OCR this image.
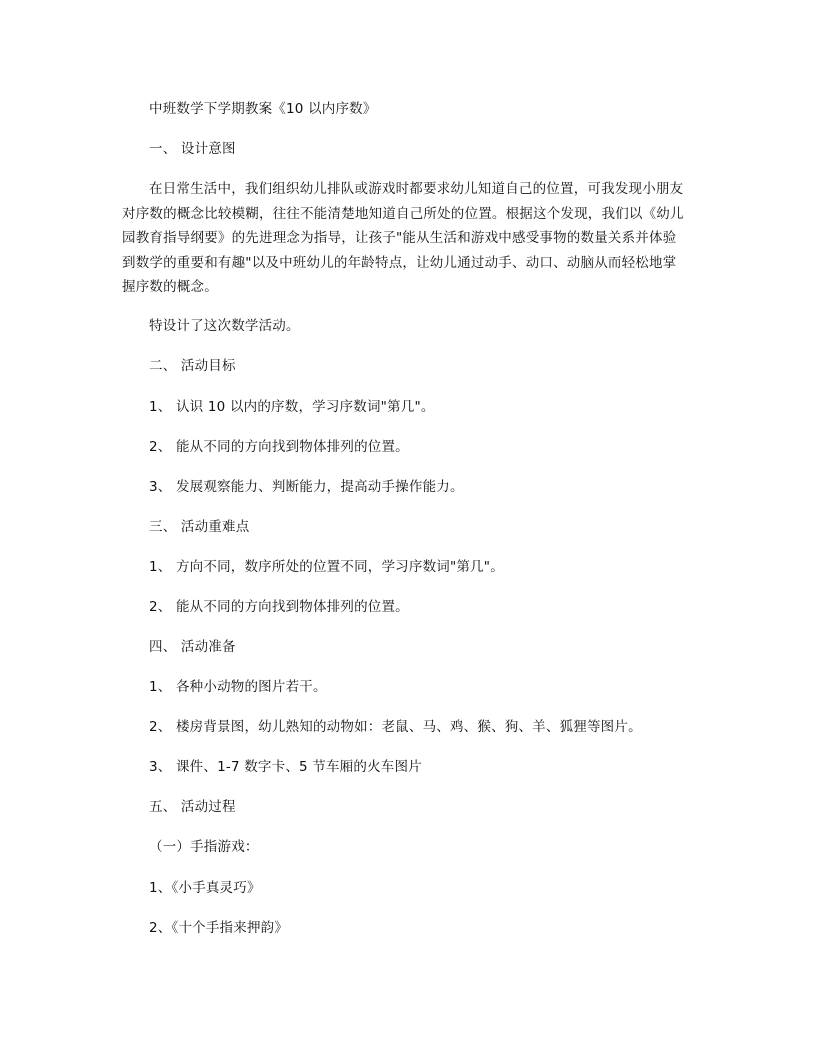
中班数学下学期教案《10 以内序数》
一、 设计意图
在日常生活中，我们组织幼儿排队或游戏时都要求幼儿知道自己的位置，可我发现小朋友
对序数的概念比较模糊，往往不能清楚地知道自己所处的位置。根据这个发现，我们以《幼儿
园教育指导纲要》的先进理念为指导，让孩子"能从生活和游戏中感受事物的数量关系并体验
到数学的重要和有趣"以及中班幼儿的年龄特点，让幼儿通过动手、动口、动脑从而轻松地掌
握序数的概念。
特设计了这次数学活动。
二、 活动目标
1、 认识 10 以内的序数，学习序数词"第几"。
2、 能从不同的方向找到物体排列的位置。
3、 发展观察能力、判断能力，提高动手操作能力。
三、 活动重难点
1、 方向不同，数序所处的位置不同，学习序数词"第几"。
2、 能从不同的方向找到物体排列的位置。
四、 活动准备
1、 各种小动物的图片若干。
2、 楼房背景图，幼儿熟知的动物如：老鼠、马、鸡、猴、狗、羊、狐狸等图片。
3、 课件、1-7 数字卡、5 节车厢的火车图片
五、 活动过程
（一）手指游戏：
1、《小手真灵巧》
2、《十个手指来押韵》
